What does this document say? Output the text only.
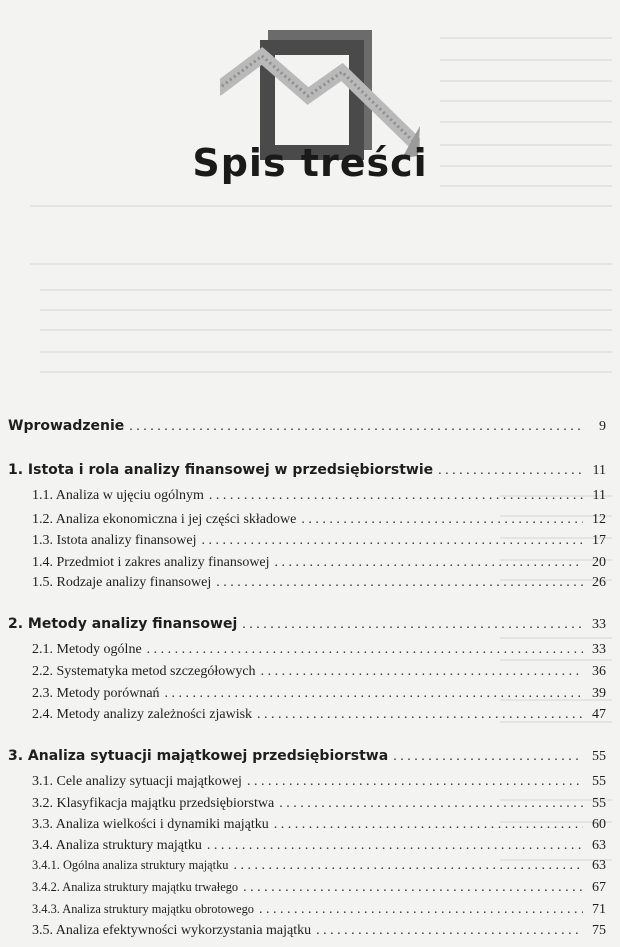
Spis treści
Wprowadzenie . . .	9
1. Istota i rola analizy finansowej w przedsiębiorstwie . . .	11
1.1. Analiza w ujęciu ogólnym . . .	11
1.2. Analiza ekonomiczna i jej części składowe . . .	12
1.3. Istota analizy finansowej . . .	17
1.4. Przedmiot i zakres analizy finansowej . . .	20
1.5. Rodzaje analizy finansowej . . .	26
2. Metody analizy finansowej . . .	33
2.1. Metody ogólne . . .	33
2.2. Systematyka metod szczegółowych . . .	36
2.3. Metody porównań . . .	39
2.4. Metody analizy zależności zjawisk . . .	47
3. Analiza sytuacji majątkowej przedsiębiorstwa . . .	55
3.1. Cele analizy sytuacji majątkowej . . .	55
3.2. Klasyfikacja majątku przedsiębiorstwa . . .	55
3.3. Analiza wielkości i dynamiki majątku . . .	60
3.4. Analiza struktury majątku . . .	63
3.4.1. Ogólna analiza struktury majątku . . .	63
3.4.2. Analiza struktury majątku trwałego . . .	67
3.4.3. Analiza struktury majątku obrotowego . . .	71
3.5. Analiza efektywności wykorzystania majątku . . .	75
